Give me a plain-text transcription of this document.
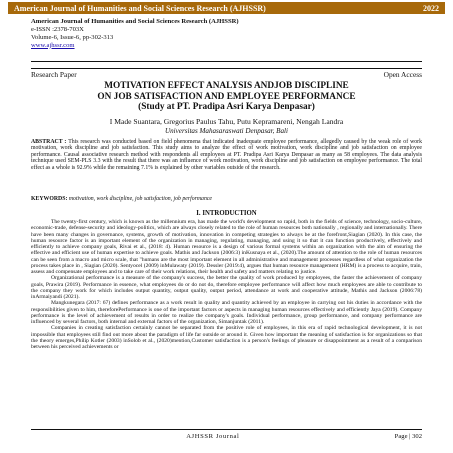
American Journal of Humanities and Social Sciences Research (AJHSSR)	2022
American Journal of Humanities and Social Sciences Research (AJHSSR)
e-ISSN :2378-703X
Volume-6, Issue-6, pp-302-313
www.ajhssr.com
Research Paper	Open Access
MOTIVATION EFFECT ANALYSIS ANDJOB DISCIPLINE
ON JOB SATISFACTION AND EMPLOYEE PERFORMANCE
(Study at PT. Pradipa Asri Karya Denpasar)
I Made Suantara, Gregorius Paulus Tahu, Putu Kepramareni, Nengah Landra
Universitas Mahasaraswati Denpasar, Bali
ABSTRACT : This research was conducted based on field phenomena that indicated inadequate employee performance, allegedly caused by the weak role of work motivation, work discipline and job satisfaction. This study aims to analyze the effect of work motivation, work discipline and job satisfaction on employee performance. Causal associative research method with respondents all employees at PT. Pradipa Asri Karya Denpasar as many as 58 employees. The data analysis technique used SEM-PLS 3.3 with the result that there was an influence of work motivation, work discipline and job satisfaction on employee performance. The total effect as a whole is 92.9% while the remaining 7.1% is explained by other variables outside of the research.
KEYWORDS: motivation, work discipline, job satisfaction, job performance
I. INTRODUCTION

The twenty-first century, which is known as the millennium era, has made the world's development so rapid, both in the fields of science, technology, socio-culture, economic-trade, defense-security and ideology-politics, which are always closely related to the role of human resources both nationally , regionally and internationally. There have been many changes in governance, systems, growth of motivation, innovation in competing strategies to always be at the forefront,Siagian (2020). In this case, the human resource factor is an important element of the organization in managing, regulating, managing, and using it so that it can function productively, effectively and efficiently to achieve company goals, Rivai et al., (2018: 4). Human resource is a design of various formal systems within an organization with the aim of ensuring the effective and efficient use of human expertise to achieve goals. Mathis and Jackson (2006:3) inKusnaya et al., (2020).The amount of attention to the role of human resources can be seen from a macro and micro scale, that "humans are the most important element in all administrative and management processes regardless of what organization the process takes place in , Siagian (2020). Sentyocel (2009) inMulawaty (2019). Dessler (2019:4), argues that human resource management (HRM) is a process to acquire, train, assess and compensate employees and to take care of their work relations, their health and safety and matters relating to justice.

Organizational performance is a measure of the company's success, the better the quality of work produced by employees, the faster the achievement of company goals, Prawira (2019). Performance in essence, what employees do or do not do, therefore employee performance will affect how much employees are able to contribute to the company they work for which includes output quantity, output quality, output period, attendance at work and cooperative attitude, Mathis and Jackson (2006:78) inArmaiyandi (2021).

Mangkunegara (2017: 67) defines performance as a work result in quality and quantity achieved by an employee in carrying out his duties in accordance with the responsibilities given to him, thereforePerformance is one of the important factors or aspects in managing human resources effectively and efficiently Jaya (2019). Company performance is the level of achievement of results in order to realize the company's goals. Individual performance, group performance, and company performance are influenced by several factors, both internal and external factors of the organization, Simanjuntak (2011).

Companies in creating satisfaction certainly cannot be separated from the positive role of employees, in this era of rapid technological development, it is not impossible that employees still find out more about the paradigm of life far outside or around it. Given how important the meaning of satisfaction is for organizations so that the theory emerges,Philip Kotler (2003) inSolob et al., (2020)mention,Customer satisfaction is a person's feelings of pleasure or disappointment as a result of a comparison between his perceived achievements or

AJHSSR Journal	Page | 302
